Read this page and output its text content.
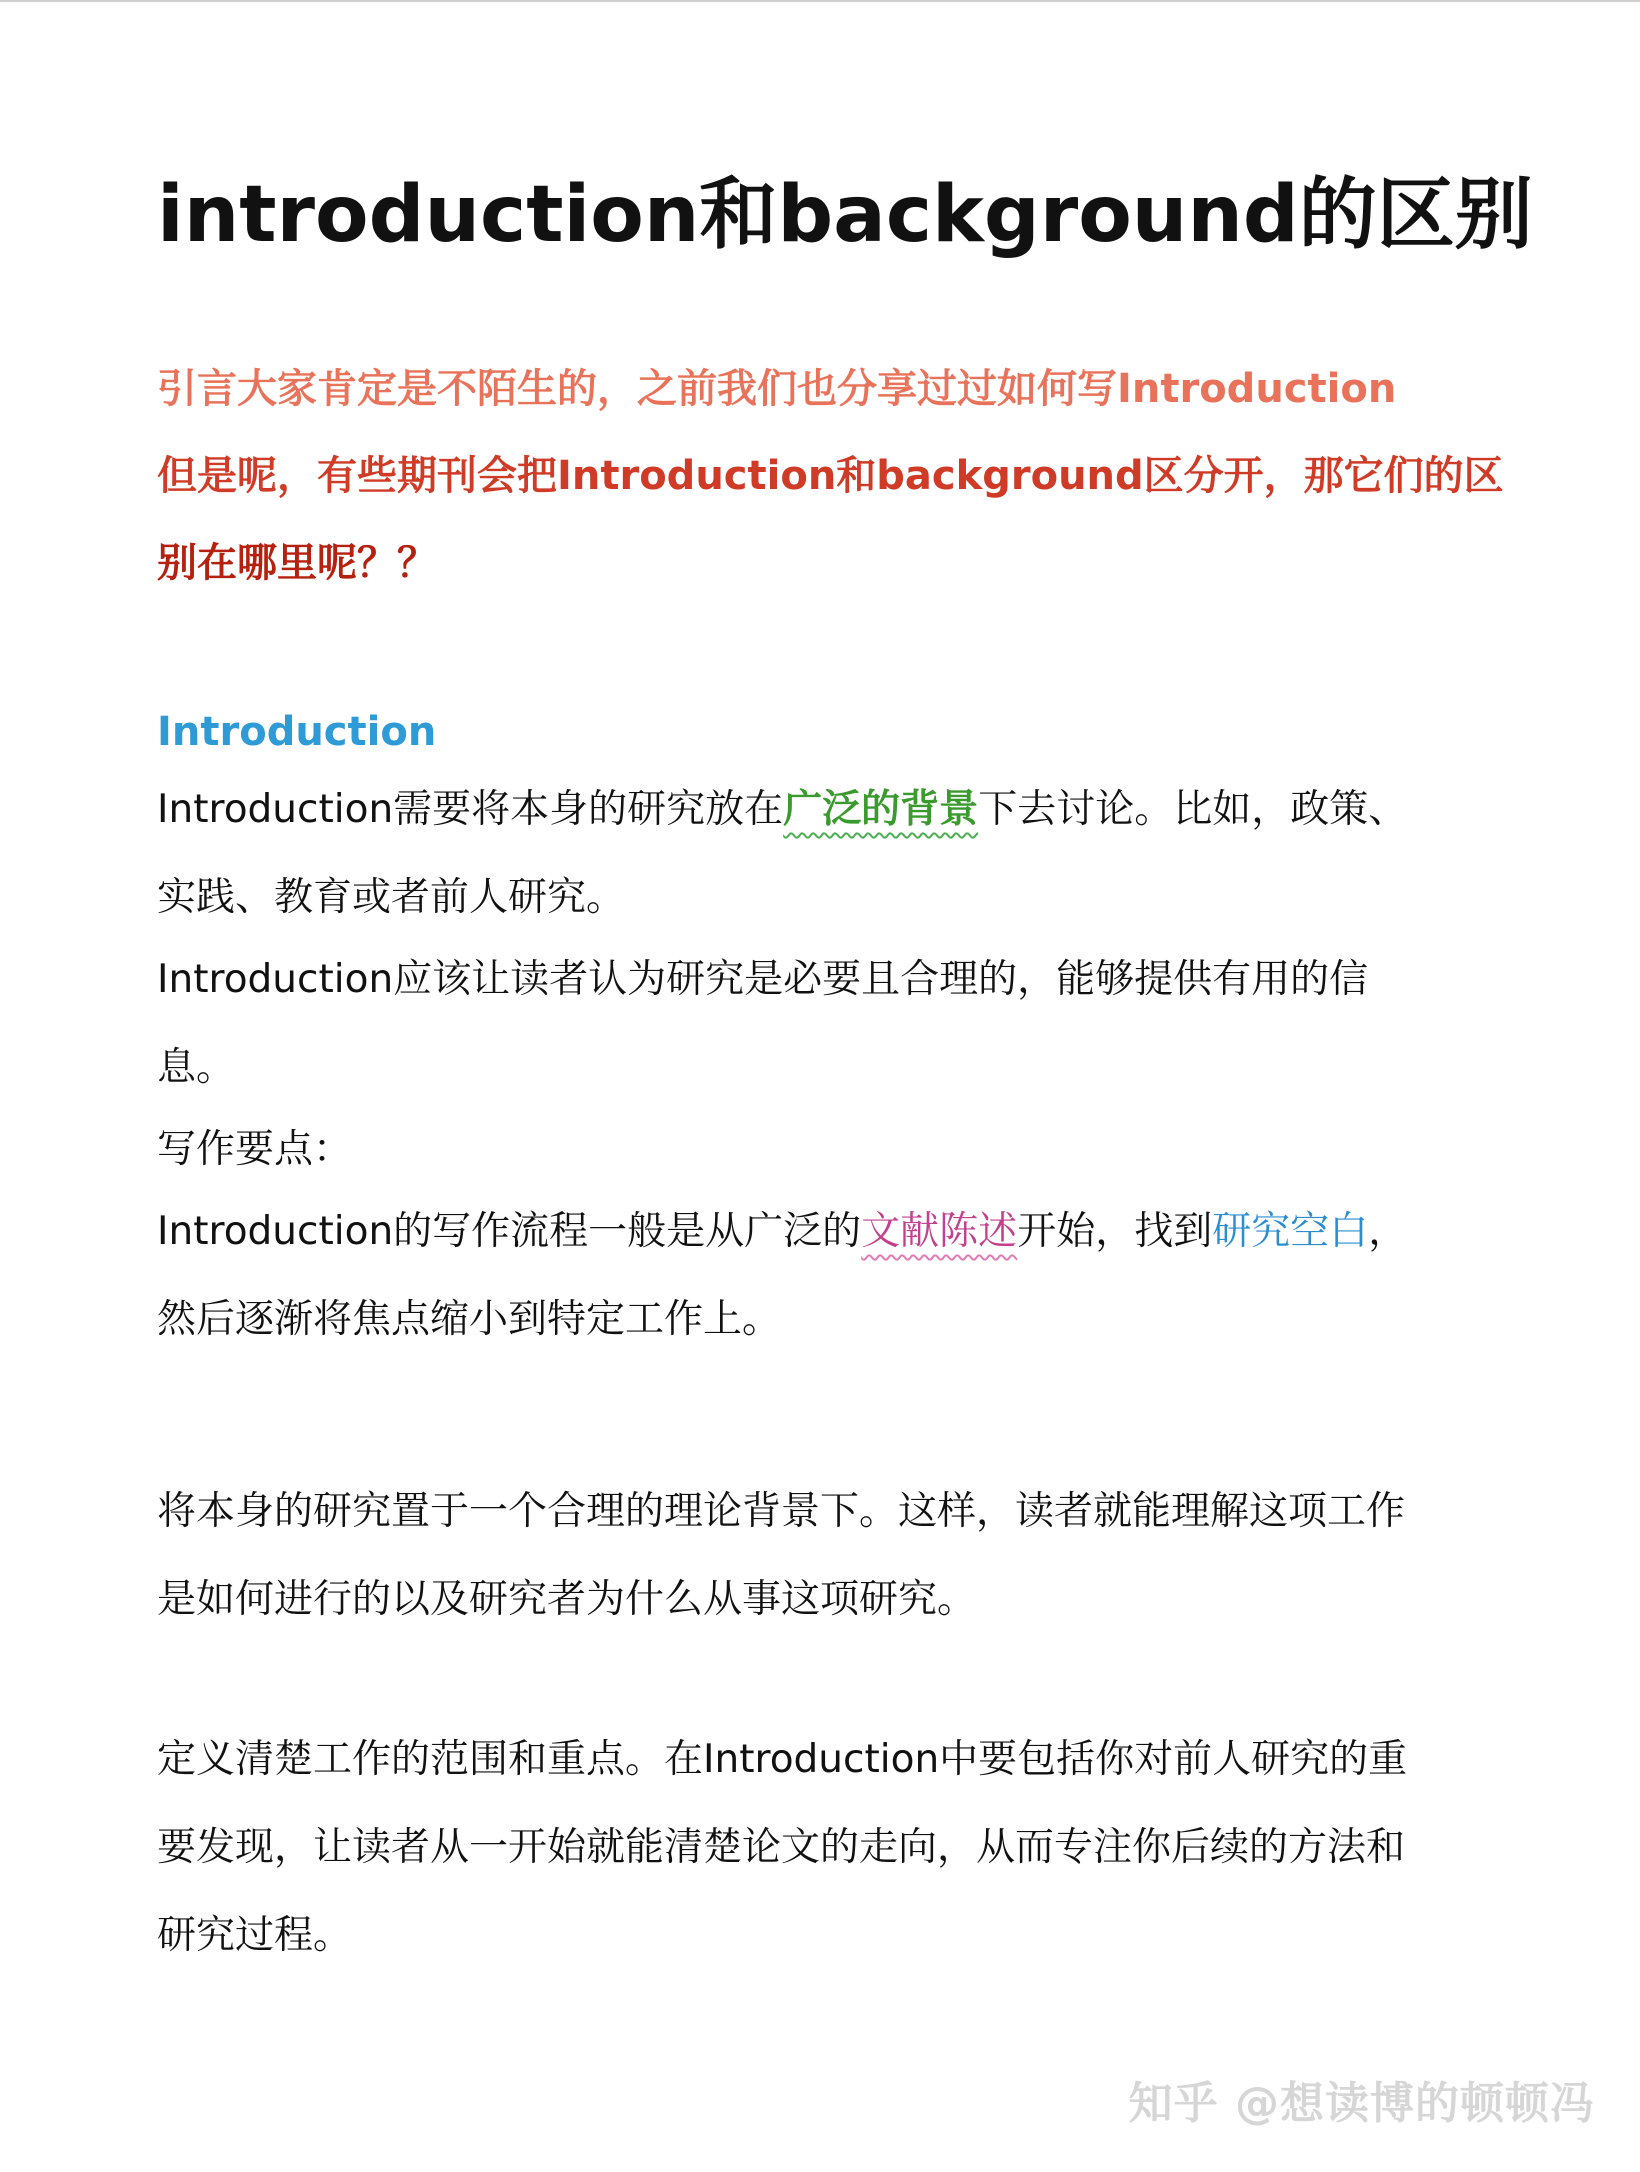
introduction和background的区别
引言大家肯定是不陌生的，之前我们也分享过过如何写Introduction
但是呢，有些期刊会把Introduction和background区分开，那它们的区
别在哪里呢？？
Introduction
Introduction需要将本身的研究放在广泛的背景下去讨论。比如，政策、
实践、教育或者前人研究。
Introduction应该让读者认为研究是必要且合理的，能够提供有用的信
息。
写作要点：
Introduction的写作流程一般是从广泛的文献陈述开始，找到研究空白，
然后逐渐将焦点缩小到特定工作上。
将本身的研究置于一个合理的理论背景下。这样，读者就能理解这项工作
是如何进行的以及研究者为什么从事这项研究。
定义清楚工作的范围和重点。在Introduction中要包括你对前人研究的重
要发现，让读者从一开始就能清楚论文的走向，从而专注你后续的方法和
研究过程。
知乎 @想读博的顿顿冯
